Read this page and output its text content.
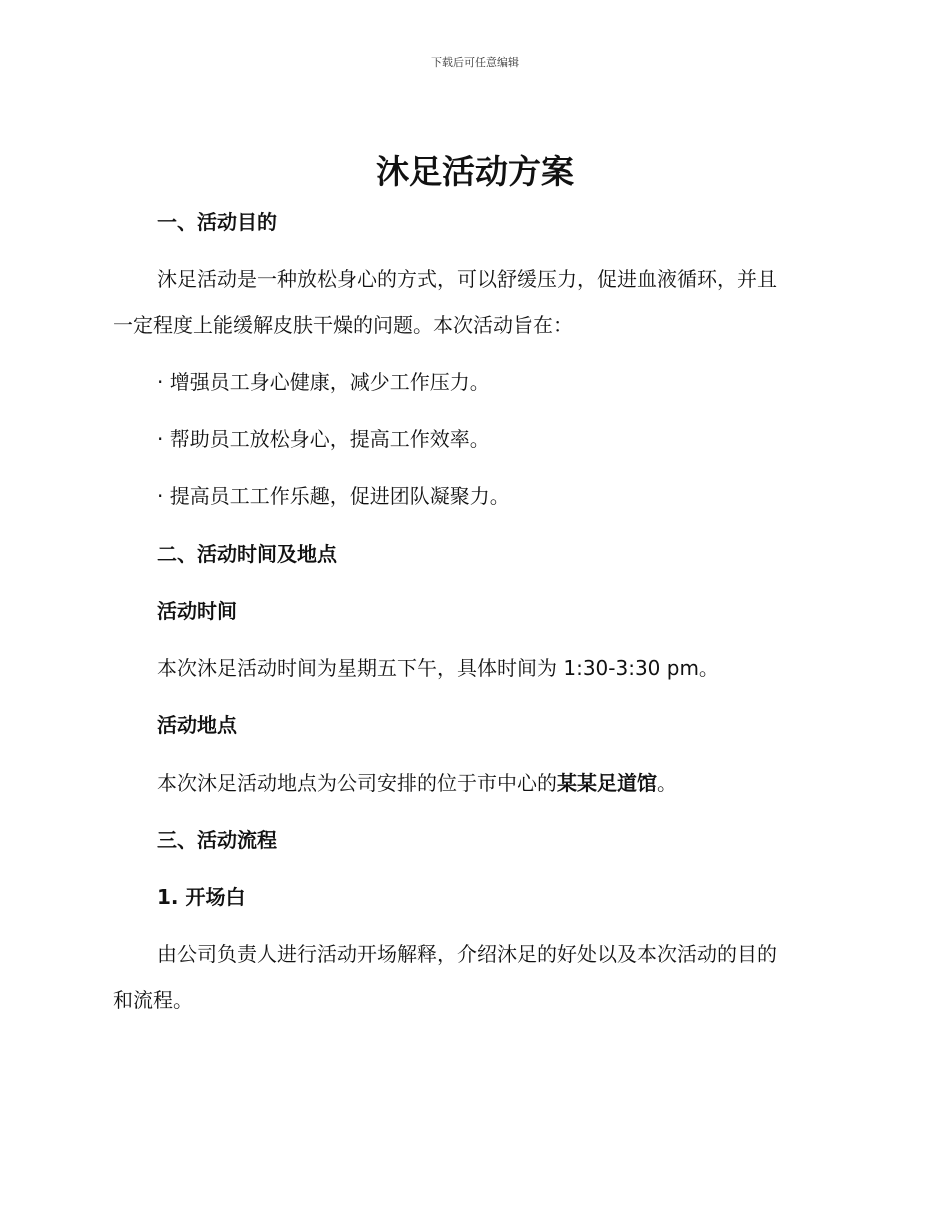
下载后可任意编辑
沐足活动方案
一、活动目的
沐足活动是一种放松身心的方式，可以舒缓压力，促进血液循环，并且
一定程度上能缓解皮肤干燥的问题。本次活动旨在：
· 增强员工身心健康，减少工作压力。
· 帮助员工放松身心，提高工作效率。
· 提高员工工作乐趣，促进团队凝聚力。
二、活动时间及地点
活动时间
本次沐足活动时间为星期五下午，具体时间为 1:30-3:30 pm。
活动地点
本次沐足活动地点为公司安排的位于市中心的某某足道馆。
三、活动流程
1. 开场白
由公司负责人进行活动开场解释，介绍沐足的好处以及本次活动的目的
和流程。
